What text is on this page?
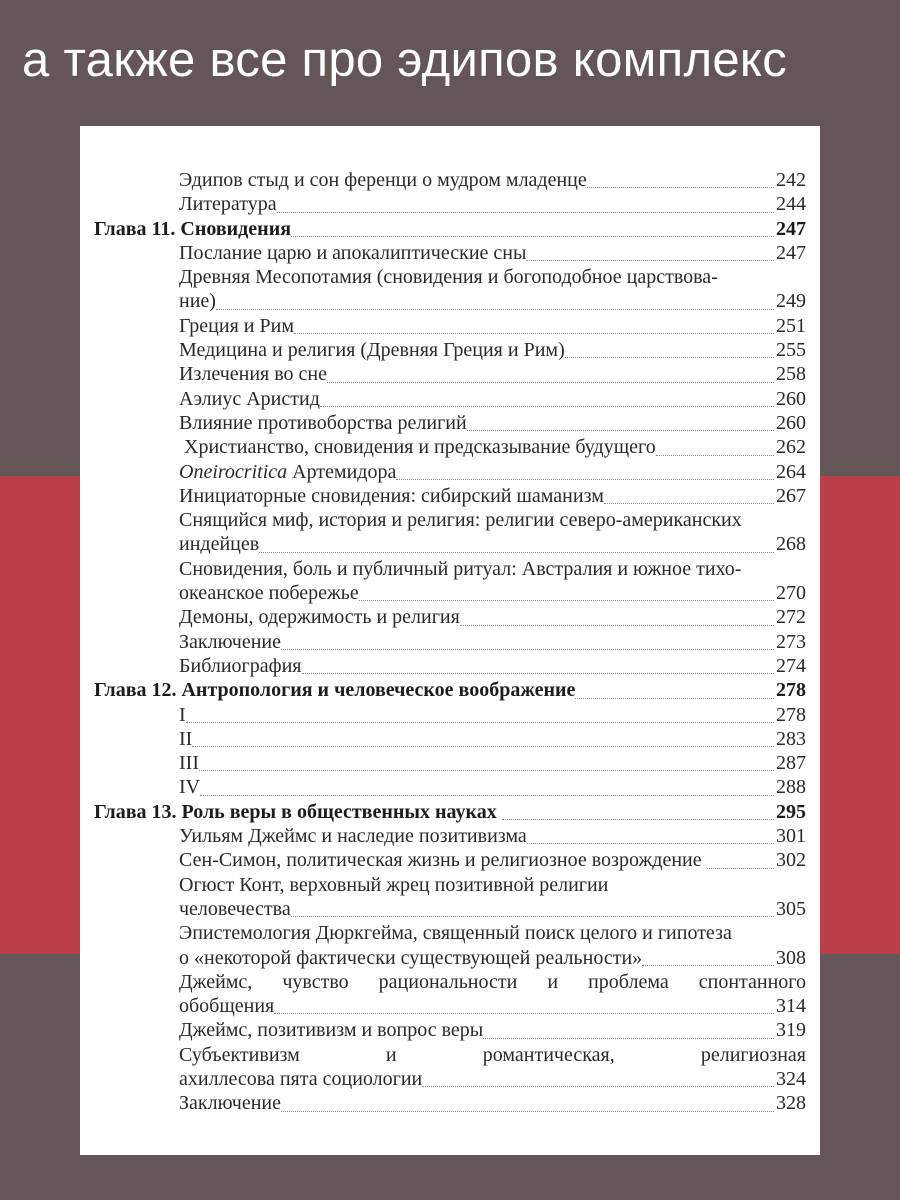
а также все про эдипов комплекс
Эдипов стыд и сон ференци о мудром младенце	242
Литература	244
Глава 11. Сновидения	247
Послание царю и апокалиптические сны	247
Древняя Месопотамия (сновидения и богоподобное царствова-
ние)	249
Греция и Рим	251
Медицина и религия (Древняя Греция и Рим)	255
Излечения во сне	258
Аэлиус Аристид	260
Влияние противоборства религий	260
Христианство, сновидения и предсказывание будущего	262
Oneirocritica Артемидора	264
Инициаторные сновидения: сибирский шаманизм	267
Снящийся миф, история и религия: религии северо-американских
индейцев	268
Сновидения, боль и публичный ритуал: Австралия и южное тихо-
океанское побережье	270
Демоны, одержимость и религия	272
Заключение	273
Библиография	274
Глава 12. Антропология и человеческое воображение	278
I	278
II	283
III	287
IV	288
Глава 13. Роль веры в общественных науках	295
Уильям Джеймс и наследие позитивизма	301
Сен-Симон, политическая жизнь и религиозное возрождение	302
Огюст Конт, верховный жрец позитивной религии
человечества	305
Эпистемология Дюркгейма, священный поиск целого и гипотеза
о «некоторой фактически существующей реальности»	308
Джеймс, чувство рациональности и проблема спонтанного
обобщения	314
Джеймс, позитивизм и вопрос веры	319
Субъективизм и романтическая, религиозная
ахиллесова пята социологии	324
Заключение	328
